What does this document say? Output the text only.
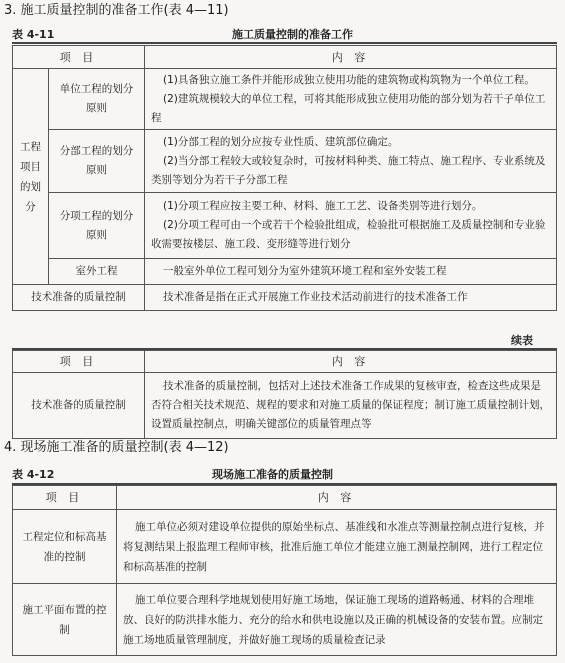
3. 施工质量控制的准备工作(表 4—11)
表 4-11	施工质量控制的准备工作
项 目		内 容
工程项目的划分	单位工程的划分原则	(1)具备独立施工条件并能形成独立使用功能的建筑物或构筑物为一个单位工程。
(2)建筑规模较大的单位工程，可将其能形成独立使用功能的部分划为若干子单位工程

	分部工程的划分原则	(1)分部工程的划分应按专业性质、建筑部位确定。
(2)当分部工程较大或较复杂时，可按材料种类、施工特点、施工程序、专业系统及类别等划分为若干子分部工程

	分项工程的划分原则	(1)分项工程应按主要工种、材料、施工工艺、设备类别等进行划分。
(2)分项工程可由一个或若干个检验批组成，检验批可根据施工及质量控制和专业验收需要按楼层、施工段、变形缝等进行划分

	室外工程	一般室外单位工程可划分为室外建筑环境工程和室外安装工程

技术准备的质量控制		技术准备是指在正式开展施工作业技术活动前进行的技术准备工作
续表
项 目	内 容
技术准备的质量控制	技术准备的质量控制，包括对上述技术准备工作成果的复核审查，检查这些成果是否符合相关技术规范、规程的要求和对施工质量的保证程度；制订施工质量控制计划，设置质量控制点，明确关键部位的质量管理点等
4. 现场施工准备的质量控制(表 4—12)
表 4-12	现场施工准备的质量控制
项 目	内 容
工程定位和标高基准的控制	施工单位必须对建设单位提供的原始坐标点、基准线和水准点等测量控制点进行复核，并将复测结果上报监理工程师审核，批准后施工单位才能建立施工测量控制网，进行工程定位和标高基准的控制

施工平面布置的控制	施工单位要合理科学地规划使用好施工场地，保证施工现场的道路畅通、材料的合理堆放、良好的防洪排水能力、充分的给水和供电设施以及正确的机械设备的安装布置。应制定施工场地质量管理制度，并做好施工现场的质量检查记录
